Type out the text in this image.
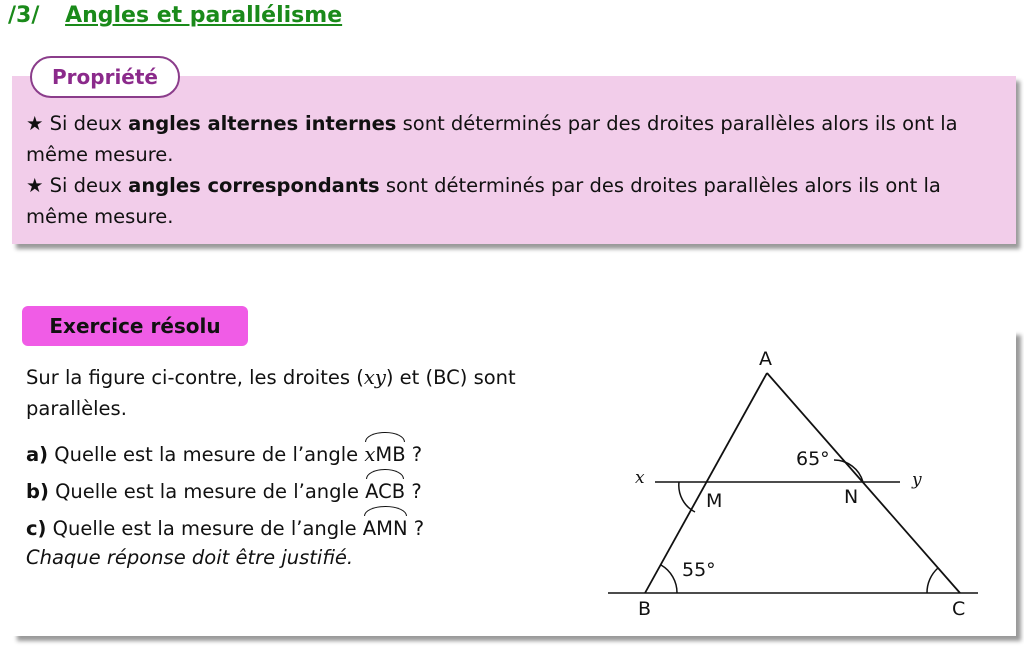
/3/ Angles et parallélisme
Propriété

★ Si deux angles alternes internes sont déterminés par des droites parallèles alors ils ont la même mesure.

★ Si deux angles correspondants sont déterminés par des droites parallèles alors ils ont la même mesure.

Exercice résolu

Sur la figure ci-contre, les droites (xy) et (BC) sont parallèles.

a) Quelle est la mesure de l’angle xMB ?

b) Quelle est la mesure de l’angle ACB ?

c) Quelle est la mesure de l’angle AMN ?

Chaque réponse doit être justifié.

A
B	C
M	N
x	y
65°
55°
